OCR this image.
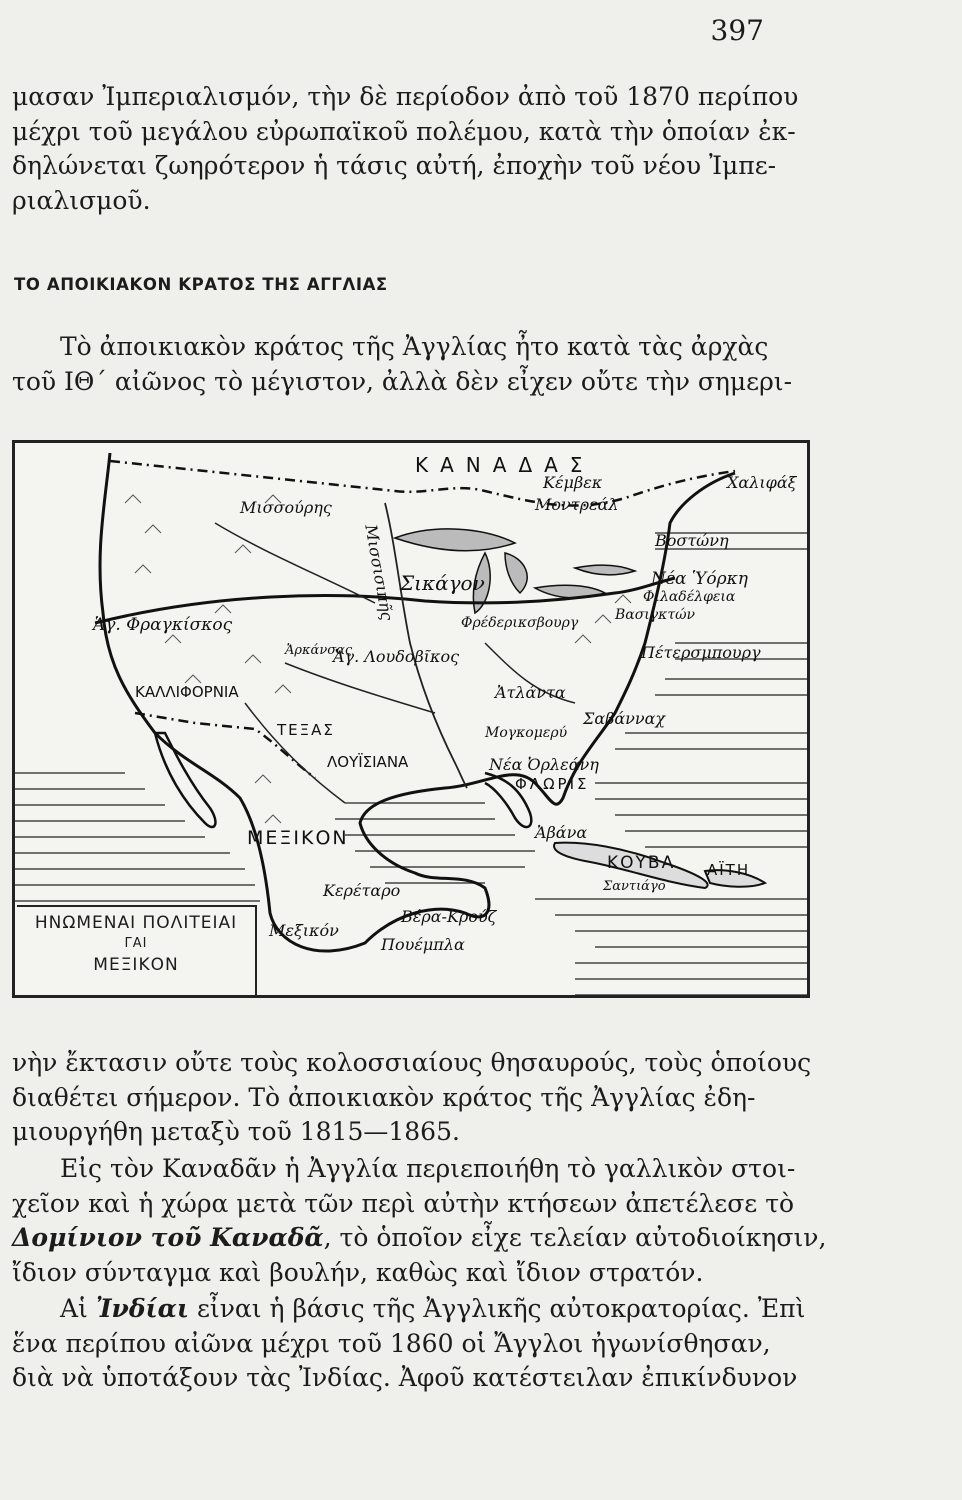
397
μασαν Ἰμπεριαλισμόν, τὴν δὲ περίοδον ἀπὸ τοῦ 1870 περίπου
μέχρι τοῦ μεγάλου εὐρωπαϊκοῦ πολέμου, κατὰ τὴν ὁποίαν ἐκ-
δηλώνεται ζωηρότερον ἡ τάσις αὐτή, ἐποχὴν τοῦ νέου Ἰμπε-
ριαλισμοῦ.
ΤΟ ΑΠΟΙΚΙΑΚΟΝ ΚΡΑΤΟΣ ΤΗΣ ΑΓΓΛΙΑΣ
Τὸ ἀποικιακὸν κράτος τῆς Ἀγγλίας ἦτο κατὰ τὰς ἀρχὰς
τοῦ ΙΘ´ αἰῶνος τὸ μέγιστον, ἀλλὰ δὲν εἶχεν οὔτε τὴν σημερι-
ΚΑΝΑΔΑΣ
Κέμβεκ
Μοντρεάλ
Χαλιφάξ
Μισσούρης
Μισσισιπῆς	Βοστώνη
Σικάγον	Νέα Ὑόρκη
Φιλαδέλφεια
Βασιγκτών
Ἁγ. Φραγκίσκος
Ἀρκάνσας
Φρέδερικσβουργ
Ἁγ. Λουδοβῖκος	Πέτερσμπουργ
ΚΑΛΛΙΦΟΡΝΙΑ	Ἀτλάντα
Σαβάνναχ
Μογκομερύ
ΤΕΞΑΣ
ΛΟΥΪΣΙΑΝΑ	Νέα Ὀρλεάνη
ΦΛΩΡΙΣ
ΜΕΞΙΚΟΝ	Ἀβάνα
ΚΟΥΒΑ ΑΪΤΗ
Σαντιάγο
Κερέταρο
Βέρα-Κρούζ
Μεξικόν
Πουέμπλα
ΗΝΩΜΕΝΑΙ ΠΟΛΙΤΕΙΑΙ
ΓΑΙ
ΜΕΞΙΚΟΝ
νὴν ἔκτασιν οὔτε τοὺς κολοσσιαίους θησαυρούς, τοὺς ὁποίους
διαθέτει σήμερον. Τὸ ἀποικιακὸν κράτος τῆς Ἀγγλίας ἐδη-
μιουργήθη μεταξὺ τοῦ 1815—1865.
Εἰς τὸν Καναδᾶν ἡ Ἀγγλία περιεποιήθη τὸ γαλλικὸν στοι-
χεῖον καὶ ἡ χώρα μετὰ τῶν περὶ αὐτὴν κτήσεων ἀπετέλεσε τὸ
Δομίνιον τοῦ Καναδᾶ, τὸ ὁποῖον εἶχε τελείαν αὐτοδιοίκησιν,
ἴδιον σύνταγμα καὶ βουλήν, καθὼς καὶ ἴδιον στρατόν.
Αἱ Ἰνδίαι εἶναι ἡ βάσις τῆς Ἀγγλικῆς αὐτοκρατορίας. Ἐπὶ
ἕνα περίπου αἰῶνα μέχρι τοῦ 1860 οἱ Ἄγγλοι ἠγωνίσθησαν,
διὰ νὰ ὑποτάξουν τὰς Ἰνδίας. Ἀφοῦ κατέστειλαν ἐπικίνδυνον
